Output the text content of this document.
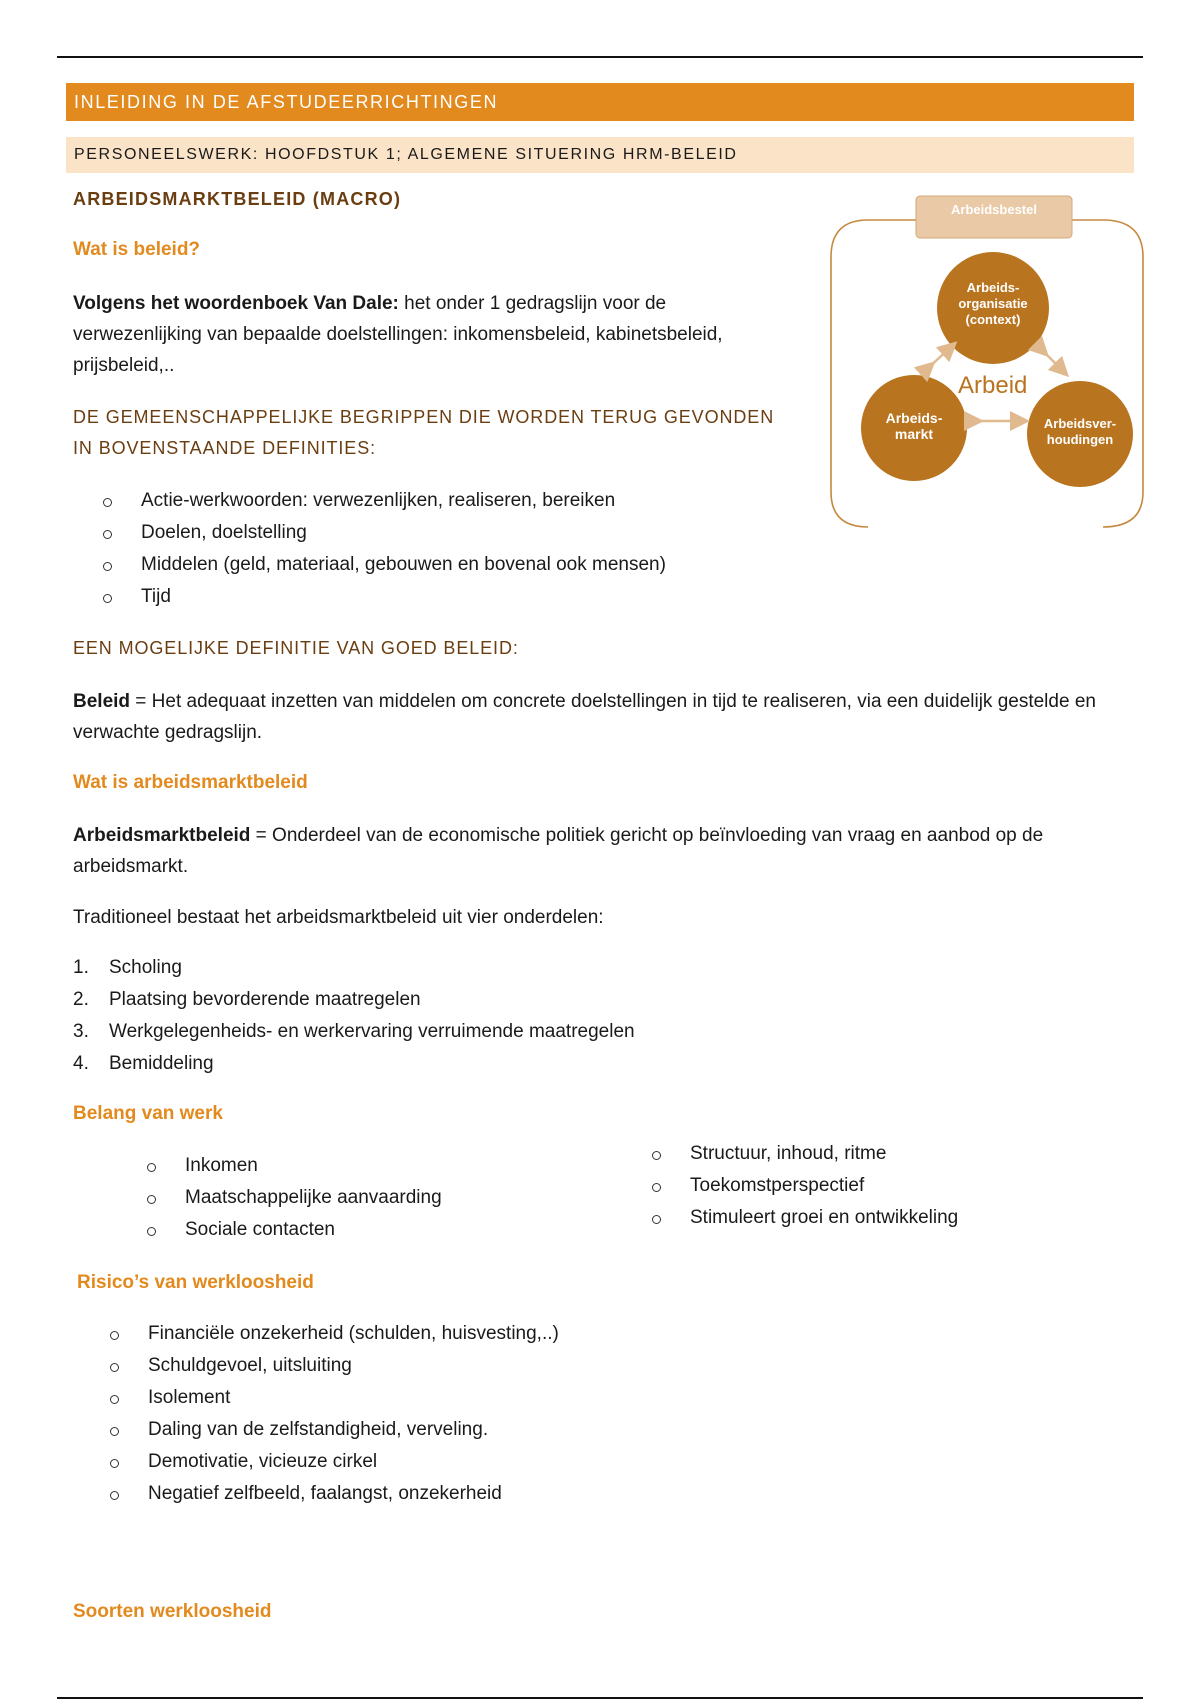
INLEIDING IN DE AFSTUDEERRICHTINGEN
PERSONEELSWERK: HOOFDSTUK 1; ALGEMENE SITUERING HRM-BELEID
ARBEIDSMARKTBELEID (MACRO)
Wat is beleid?
Volgens het woordenboek Van Dale: het onder 1 gedragslijn voor de verwezenlijking van bepaalde doelstellingen: inkomensbeleid, kabinetsbeleid, prijsbeleid,..
DE GEMEENSCHAPPELIJKE BEGRIPPEN DIE WORDEN TERUG GEVONDEN IN BOVENSTAANDE DEFINITIES:
Actie-werkwoorden: verwezenlijken, realiseren, bereiken
Doelen, doelstelling
Middelen (geld, materiaal, gebouwen en bovenal ook mensen)
Tijd
EEN MOGELIJKE DEFINITIE VAN GOED BELEID:
Beleid = Het adequaat inzetten van middelen om concrete doelstellingen in tijd te realiseren, via een duidelijk gestelde en verwachte gedragslijn.
Wat is arbeidsmarktbeleid
Arbeidsmarktbeleid = Onderdeel van de economische politiek gericht op beïnvloeding van vraag en aanbod op de arbeidsmarkt.
Traditioneel bestaat het arbeidsmarktbeleid uit vier onderdelen:
1. Scholing
2. Plaatsing bevorderende maatregelen
3. Werkgelegenheids- en werkervaring verruimende maatregelen
4. Bemiddeling
Belang van werk
Inkomen
Maatschappelijke aanvaarding
Sociale contacten
Structuur, inhoud, ritme
Toekomstperspectief
Stimuleert groei en ontwikkeling
Risico’s van werkloosheid
Financiële onzekerheid (schulden, huisvesting,..)
Schuldgevoel, uitsluiting
Isolement
Daling van de zelfstandigheid, verveling.
Demotivatie, vicieuze cirkel
Negatief zelfbeeld, faalangst, onzekerheid
Soorten werkloosheid
Arbeidsbestel
Arbeids-
organisatie
(context)
Arbeids-
markt
Arbeidsver-
houdingen
Arbeid
